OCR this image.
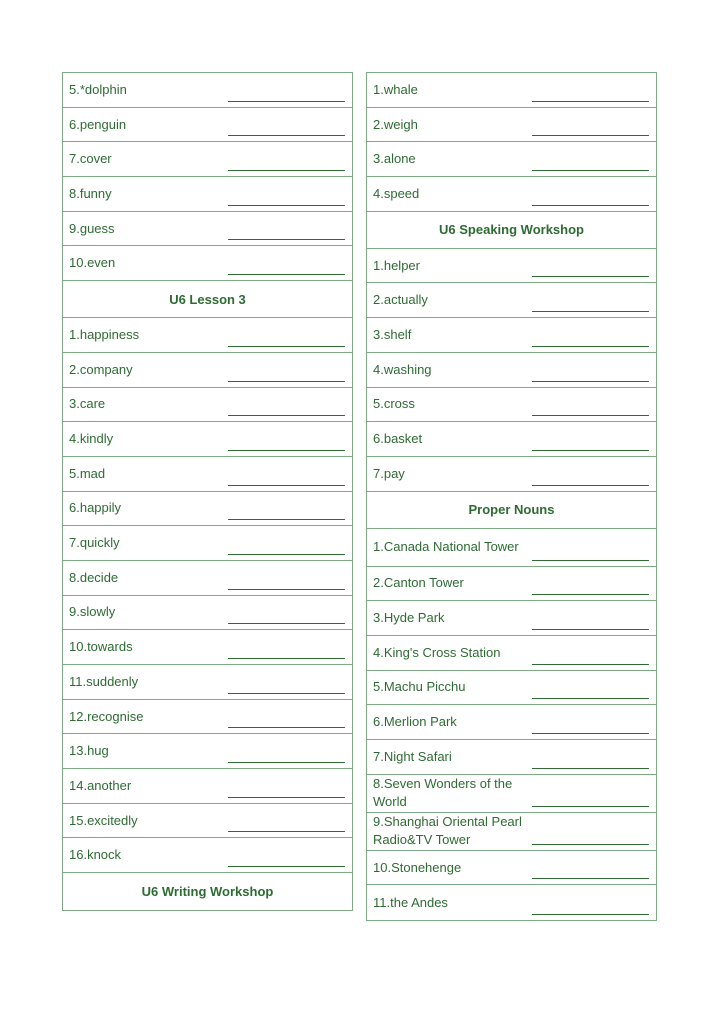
5.*dolphin
6.penguin
7.cover
8.funny
9.guess
10.even
U6 Lesson 3
1.happiness
2.company
3.care
4.kindly
5.mad
6.happily
7.quickly
8.decide
9.slowly
10.towards
11.suddenly
12.recognise
13.hug
14.another
15.excitedly
16.knock
U6 Writing Workshop
1.whale
2.weigh
3.alone
4.speed
U6 Speaking Workshop
1.helper
2.actually
3.shelf
4.washing
5.cross
6.basket
7.pay
Proper Nouns
1.Canada National Tower
2.Canton Tower
3.Hyde Park
4.King's Cross Station
5.Machu Picchu
6.Merlion Park
7.Night Safari
8.Seven Wonders of the World
9.Shanghai Oriental Pearl Radio&TV Tower
10.Stonehenge
11.the Andes
